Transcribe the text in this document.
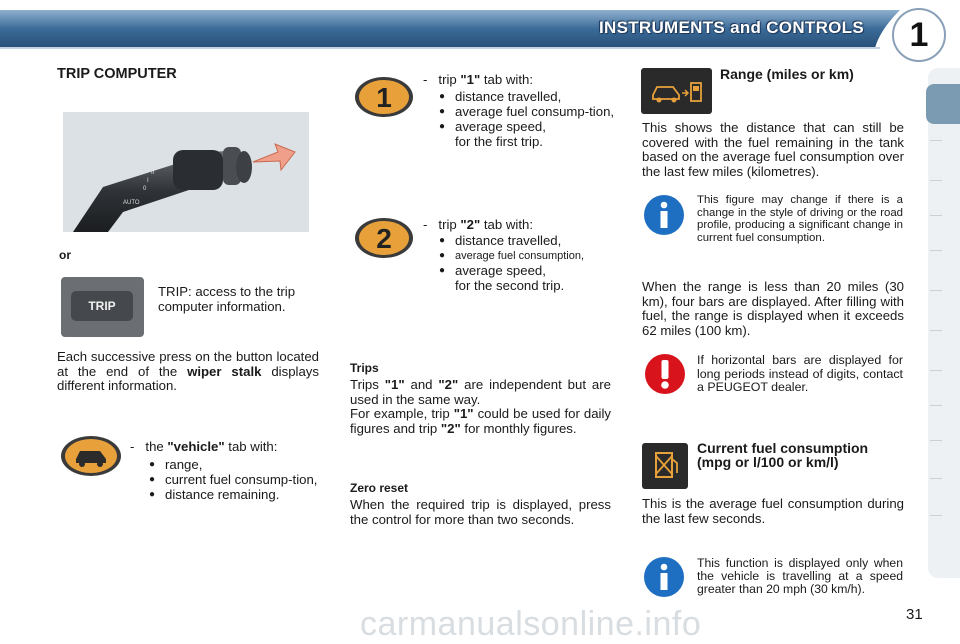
INSTRUMENTS and CONTROLS	1
TRIP COMPUTER
AUTO
0
I
II
or
TRIP
TRIP: access to the trip computer information.

Each successive press on the button located at the end of the wiper stalk displays different information.

- the "vehicle" tab with:
● range,
● current fuel consump-tion,
● distance remaining.
1
- trip "1" tab with:
● distance travelled,
● average fuel consump-tion,
● average speed,
for the first trip.
2 - trip "2" tab with:
● distance travelled,
● average fuel consumption,
● average speed,
for the second trip.
Trips

Trips "1" and "2" are independent but are used in the same way.

For example, trip "1" could be used for daily figures and trip "2" for monthly figures.

Zero reset

When the required trip is displayed, press the control for more than two seconds.

Range (miles or km)

This shows the distance that can still be covered with the fuel remaining in the tank based on the average fuel consumption over the last few miles (kilometres).

This figure may change if there is a change in the style of driving or the road profile, producing a significant change in current fuel consumption.

When the range is less than 20 miles (30 km), four bars are displayed. After filling with fuel, the range is displayed when it exceeds 62 miles (100 km).

If horizontal bars are displayed for long periods instead of digits, contact a PEUGEOT dealer.

Current fuel consumption (mpg or l/100 or km/l)

This is the average fuel consumption during the last few seconds.

This function is displayed only when the vehicle is travelling at a speed greater than 20 mph (30 km/h).

carmanualsonline.info	31
